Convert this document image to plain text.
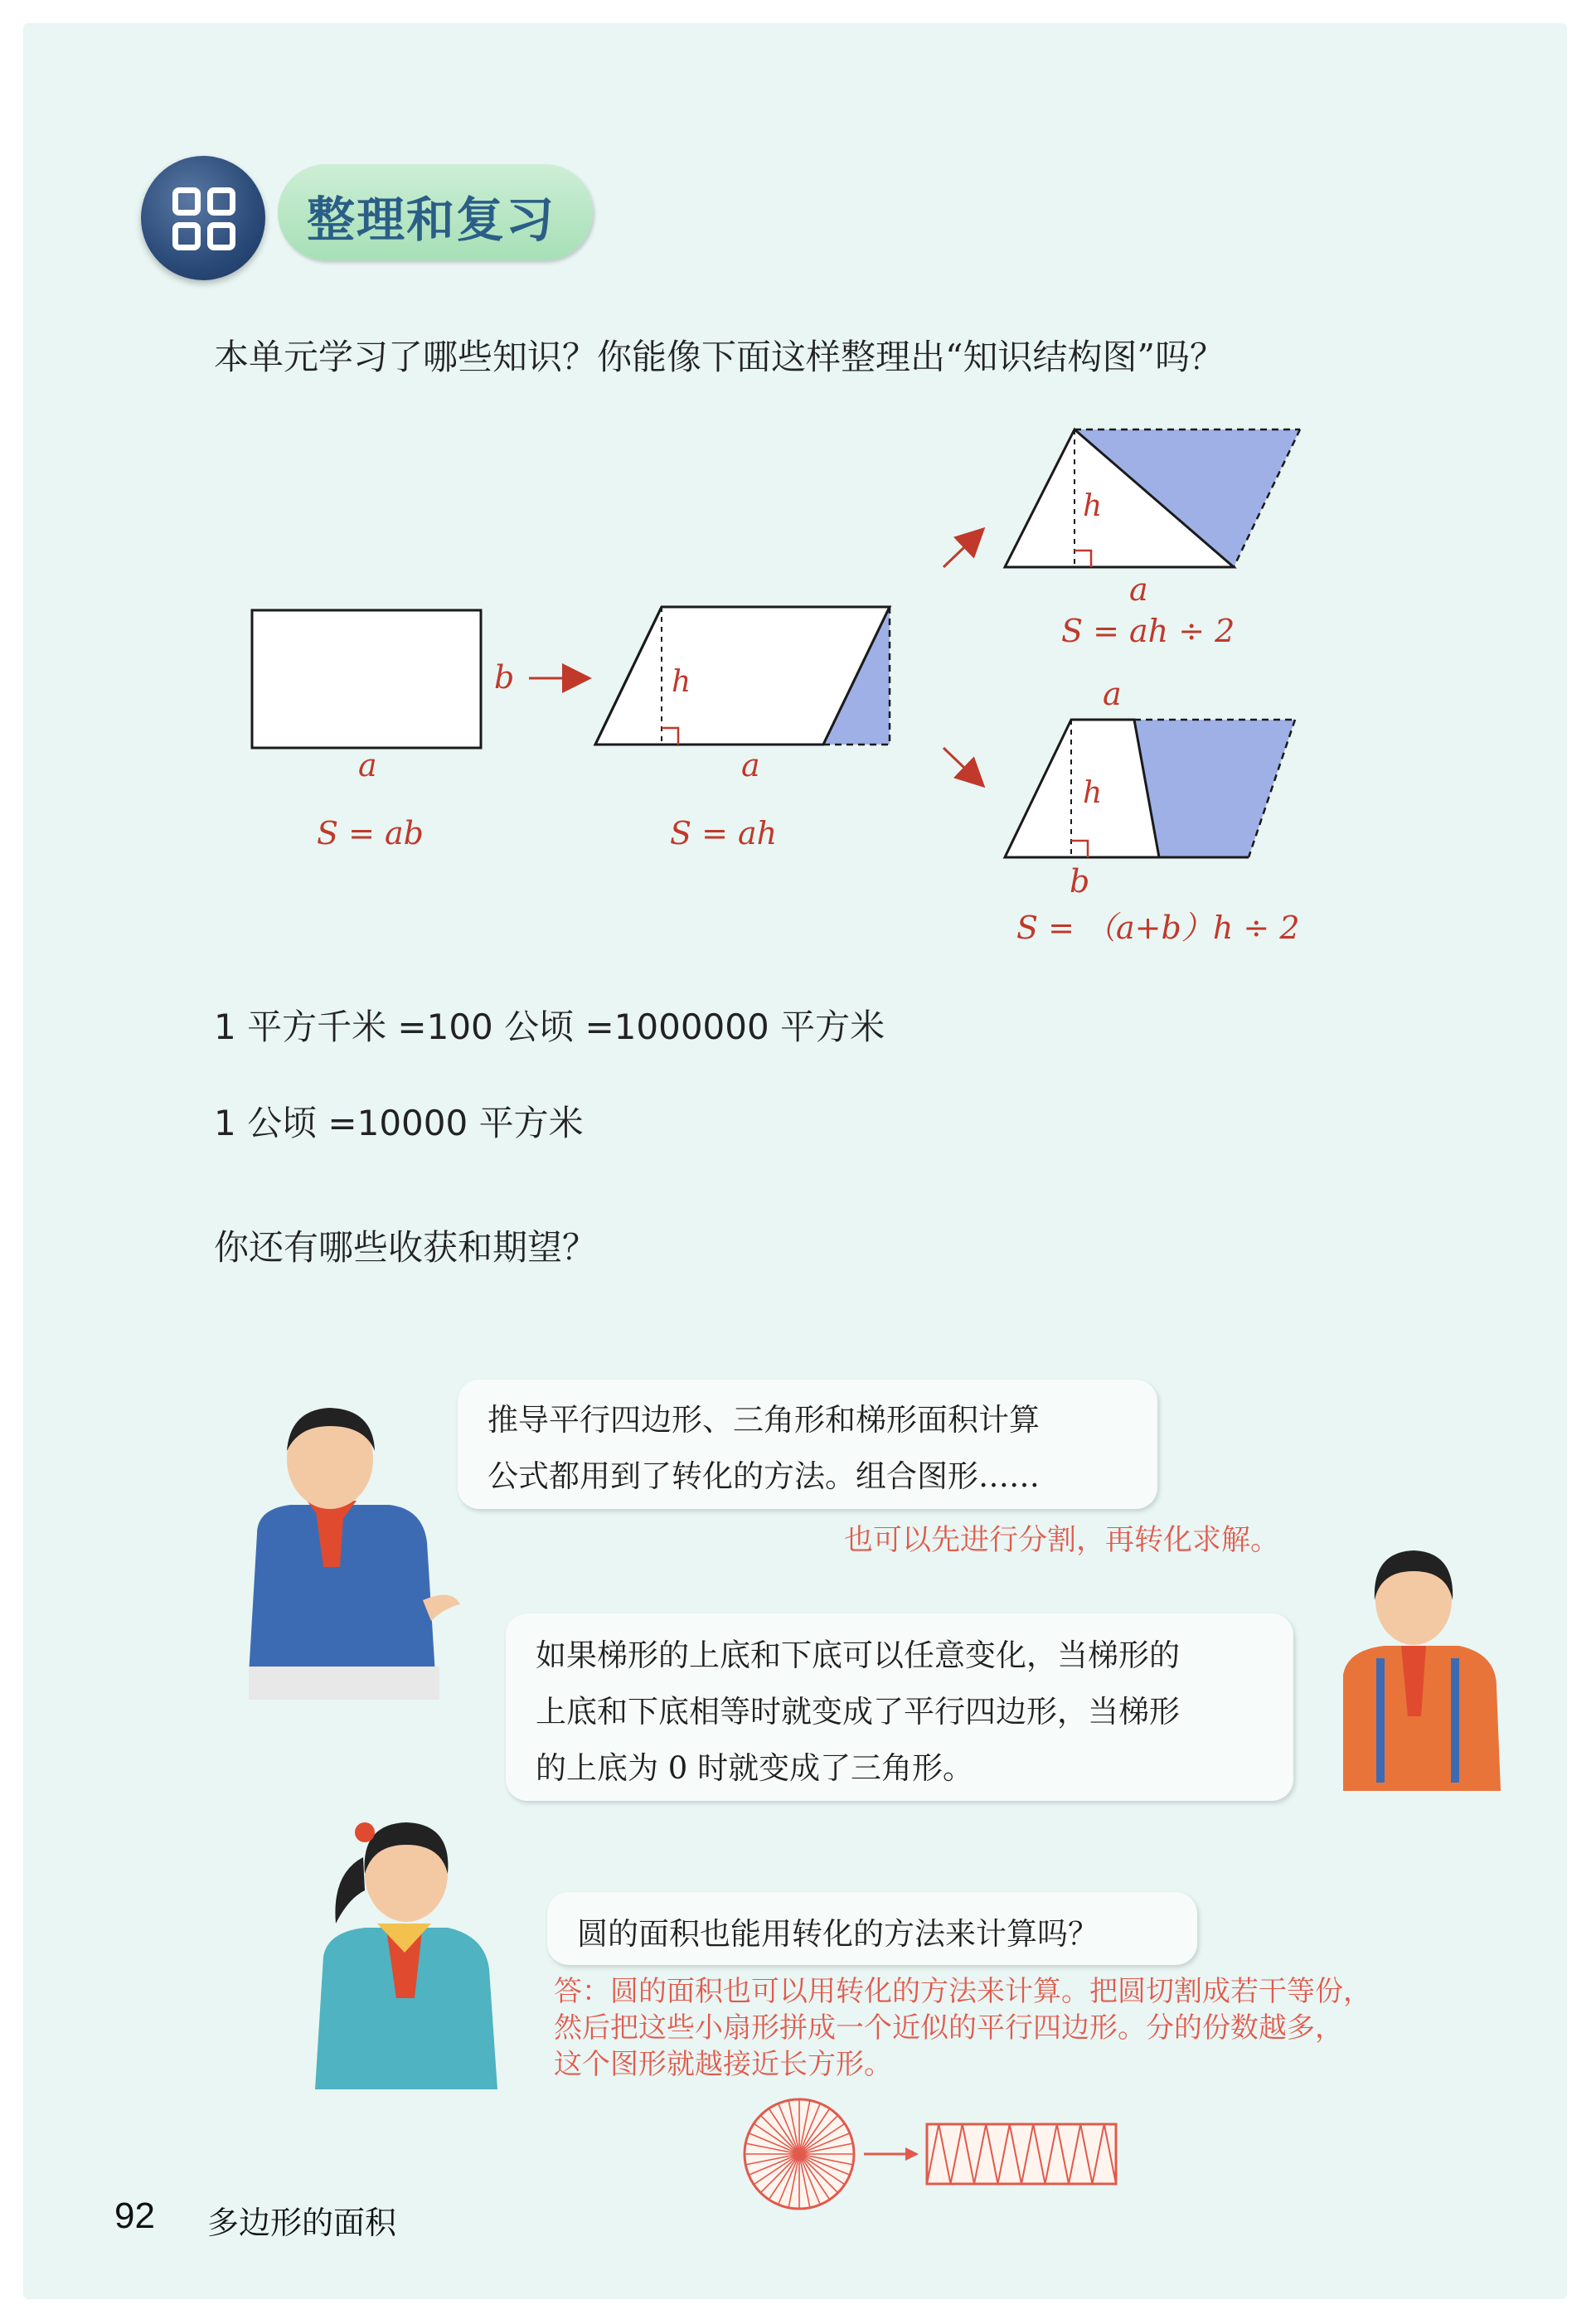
整理和复习
本单元学习了哪些知识？你能像下面这样整理出“知识结构图”吗？
b
a
S = ab
h
a
S = ah
h
a
S = ah ÷ 2
a
h
b
S = （a+b）h ÷ 2
1 平方千米 =100 公顷 =1000000 平方米
1 公顷 =10000 平方米
你还有哪些收获和期望？

推导平行四边形、三角形和梯形面积计算

公式都用到了转化的方法。组合图形……

也可以先进行分割，再转化求解。

如果梯形的上底和下底可以任意变化，当梯形的

上底和下底相等时就变成了平行四边形，当梯形

的上底为 0 时就变成了三角形。

圆的面积也能用转化的方法来计算吗？

答：圆的面积也可以用转化的方法来计算。把圆切割成若干等份，
然后把这些小扇形拼成一个近似的平行四边形。分的份数越多，
这个图形就越接近长方形。
92 多边形的面积
